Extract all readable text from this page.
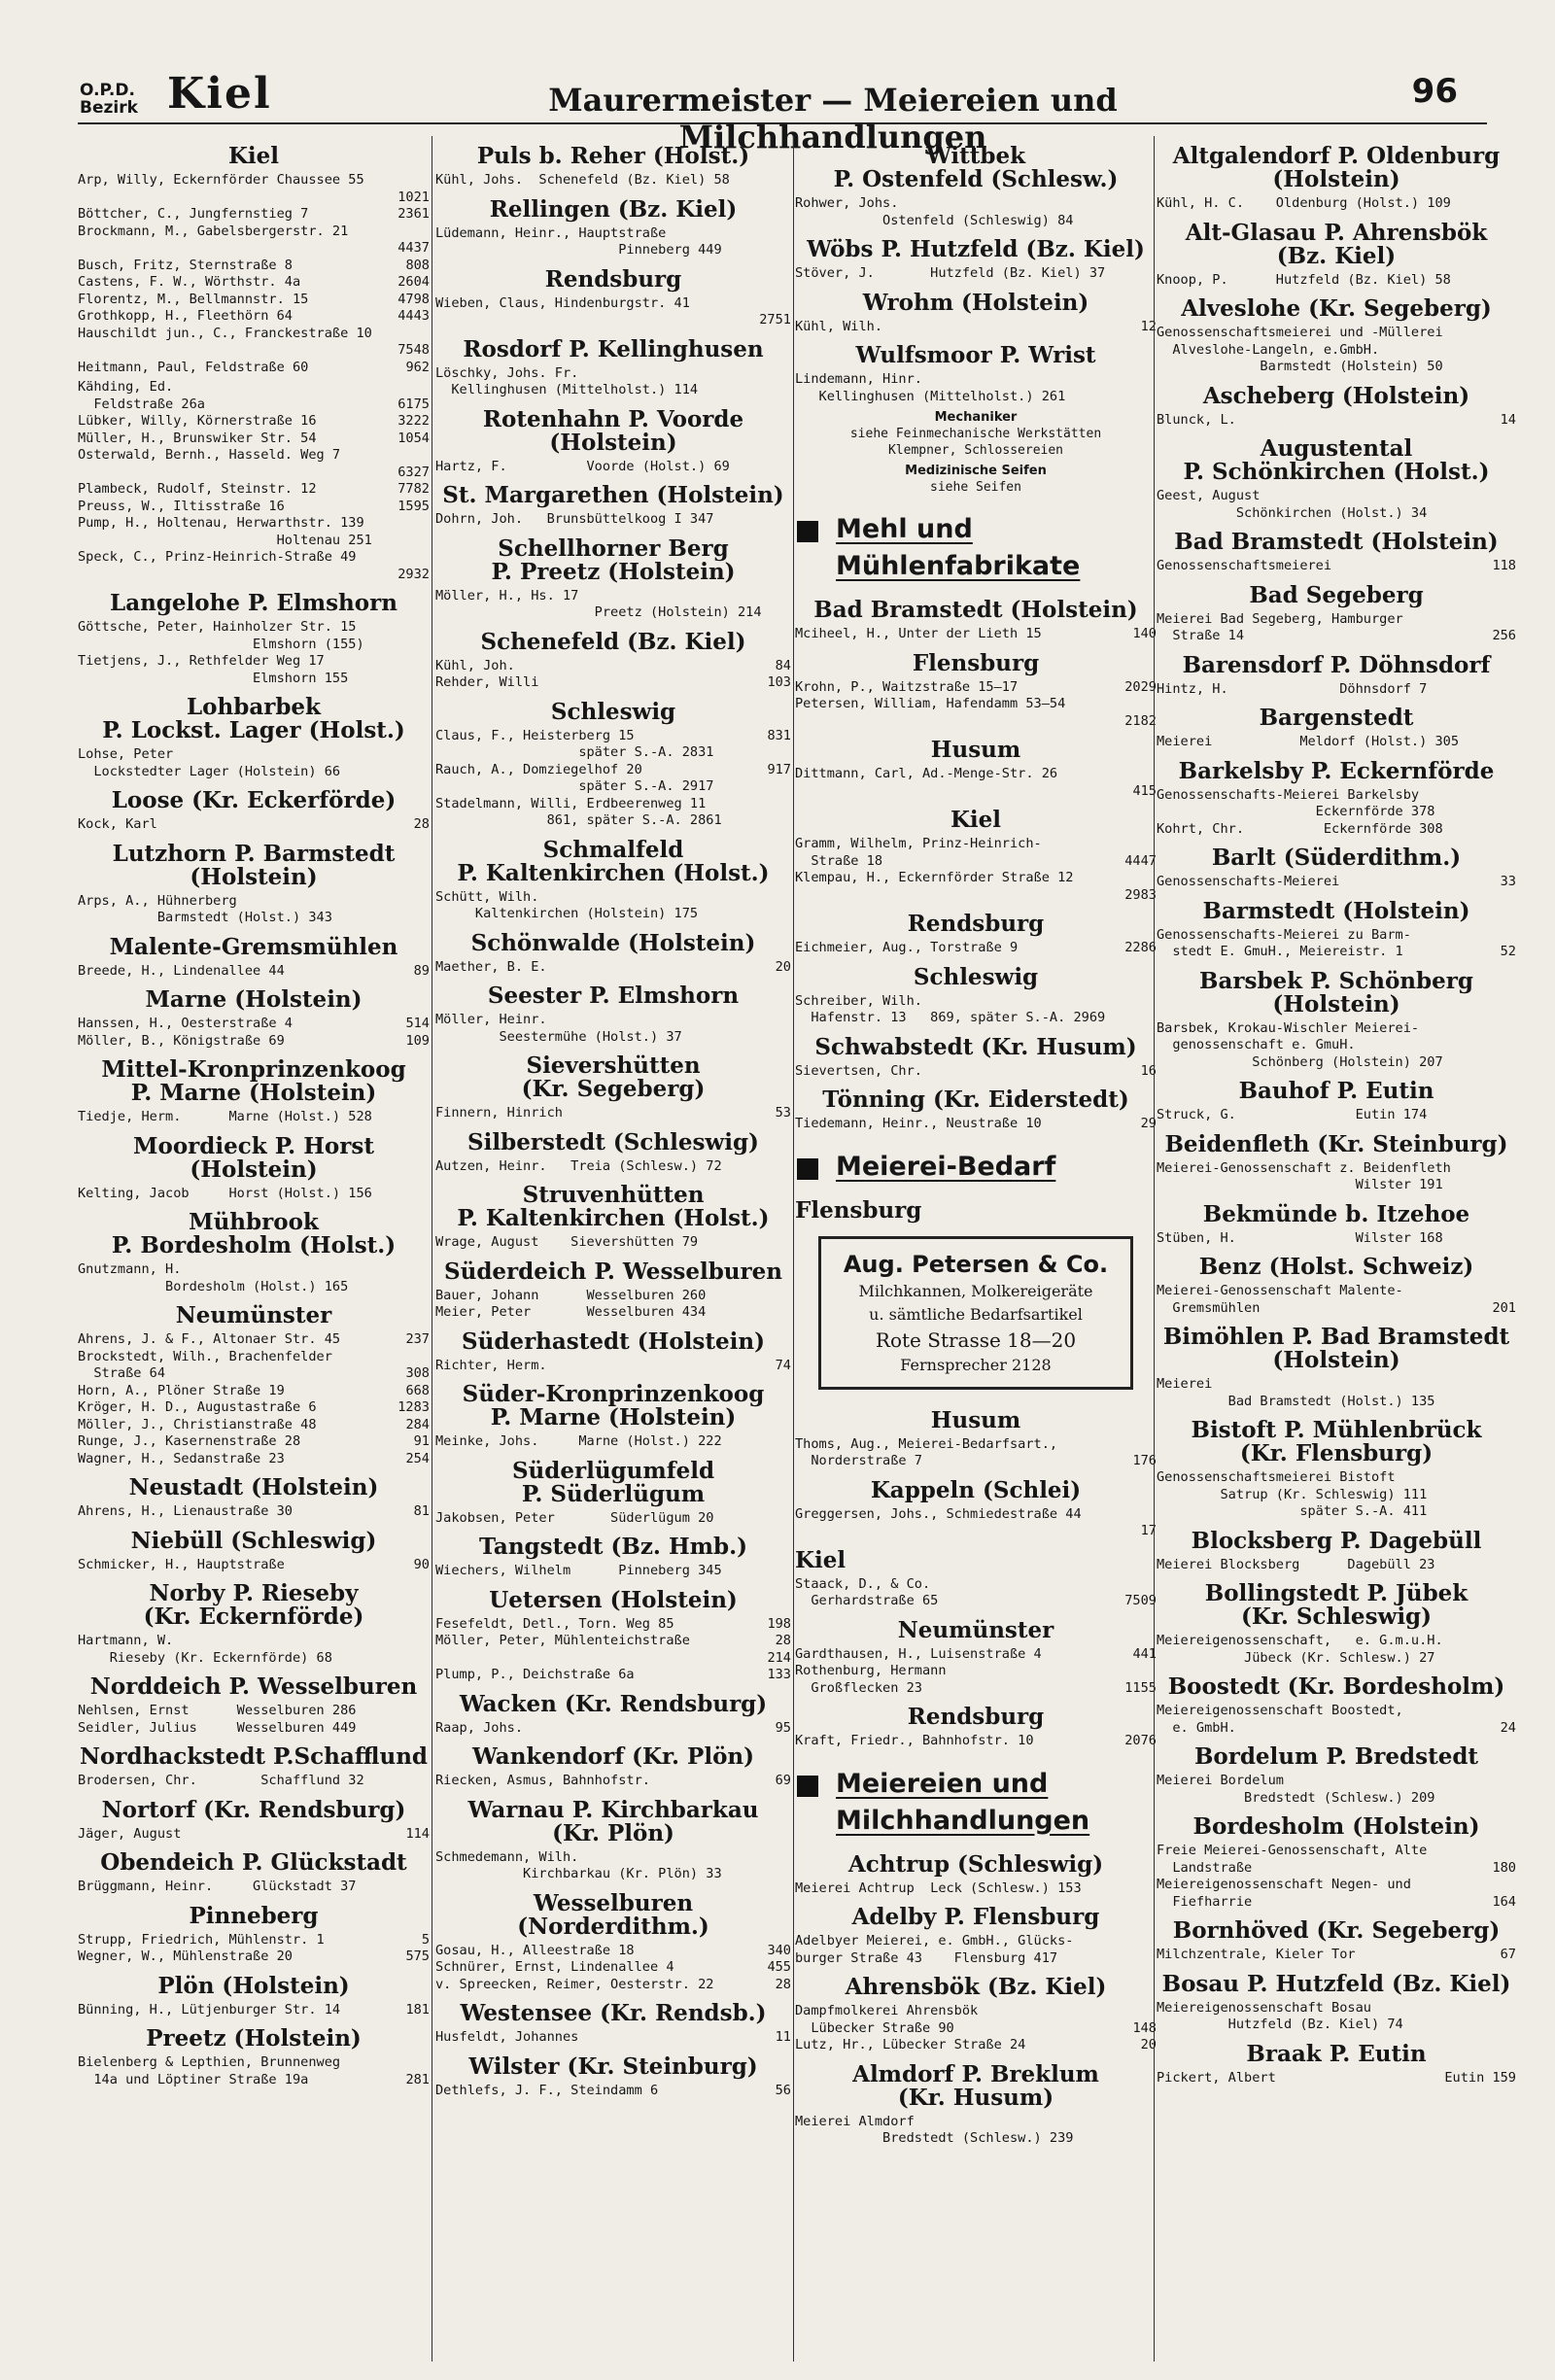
O.P.D.
Bezirk Kiel	Maurermeister — Meiereien und Milchhandlungen
96
Kiel
Arp, Willy, Eckernförder Chaussee 55
1021
Böttcher, C., Jungfernstieg 7	2361
Brockmann, M., Gabelsbergerstr. 21
4437
Busch, Fritz, Sternstraße 8	808
Castens, F. W., Wörthstr. 4a	2604
Florentz, M., Bellmannstr. 15	4798
Grothkopp, H., Fleethörn 64	4443
Hauschildt jun., C., Franckestraße 10
7548
Heitmann, Paul, Feldstraße 60	962
Kähding, Ed.
Feldstraße 26a	6175
Lübker, Willy, Körnerstraße 16	3222
Müller, H., Brunswiker Str. 54	1054
Osterwald, Bernh., Hasseld. Weg 7
6327
Plambeck, Rudolf, Steinstr. 12	7782
Preuss, W., Iltisstraße 16	1595
Pump, H., Holtenau, Herwarthstr. 139
Holtenau 251
Speck, C., Prinz-Heinrich-Straße 49
2932
Langelohe P. Elmshorn
Göttsche, Peter, Hainholzer Str. 15
Elmshorn (155)
Tietjens, J., Rethfelder Weg 17
Elmshorn 155
Lohbarbek
P. Lockst. Lager (Holst.)
Lohse, Peter
Lockstedter Lager (Holstein) 66
Loose (Kr. Eckerförde)
Kock, Karl	28
Lutzhorn P. Barmstedt
(Holstein)
Arps, A., Hühnerberg
Barmstedt (Holst.) 343
Malente-Gremsmühlen
Breede, H., Lindenallee 44	89
Marne (Holstein)
Hanssen, H., Oesterstraße 4	514
Möller, B., Königstraße 69	109
Mittel-Kronprinzenkoog
P. Marne (Holstein)
Tiedje, Herm.      Marne (Holst.) 528
Moordieck P. Horst
(Holstein)
Kelting, Jacob     Horst (Holst.) 156
Mühbrook
P. Bordesholm (Holst.)
Gnutzmann, H.
Bordesholm (Holst.) 165
Neumünster
Ahrens, J. & F., Altonaer Str. 45	237
Brockstedt, Wilh., Brachenfelder
Straße 64	308
Horn, A., Plöner Straße 19	668
Kröger, H. D., Augustastraße 6	1283
Möller, J., Christianstraße 48	284
Runge, J., Kasernenstraße 28	91
Wagner, H., Sedanstraße 23	254
Neustadt (Holstein)
Ahrens, H., Lienaustraße 30	81
Niebüll (Schleswig)
Schmicker, H., Hauptstraße	90
Norby P. Rieseby
(Kr. Eckernförde)
Hartmann, W.
Rieseby (Kr. Eckernförde) 68
Norddeich P. Wesselburen
Nehlsen, Ernst      Wesselburen 286
Seidler, Julius     Wesselburen 449
Nordhackstedt P.Schafflund
Brodersen, Chr.        Schafflund 32
Nortorf (Kr. Rendsburg)
Jäger, August	114
Obendeich P. Glückstadt
Brüggmann, Heinr.     Glückstadt 37
Pinneberg
Strupp, Friedrich, Mühlenstr. 1	5
Wegner, W., Mühlenstraße 20	575
Plön (Holstein)
Bünning, H., Lütjenburger Str. 14	181
Preetz (Holstein)
Bielenberg & Lepthien, Brunnenweg
14a und Löptiner Straße 19a	281
Puls b. Reher (Holst.)
Kühl, Johs.  Schenefeld (Bz. Kiel) 58
Rellingen (Bz. Kiel)
Lüdemann, Heinr., Hauptstraße
Pinneberg 449
Rendsburg
Wieben, Claus, Hindenburgstr. 41
2751
Rosdorf P. Kellinghusen
Löschky, Johs. Fr.
Kellinghusen (Mittelholst.) 114
Rotenhahn P. Voorde
(Holstein)
Hartz, F.          Voorde (Holst.) 69
St. Margarethen (Holstein)
Dohrn, Joh.   Brunsbüttelkoog I 347
Schellhorner Berg
P. Preetz (Holstein)
Möller, H., Hs. 17
Preetz (Holstein) 214
Schenefeld (Bz. Kiel)
Kühl, Joh.	84
Rehder, Willi	103
Schleswig
Claus, F., Heisterberg 15	831
später S.-A. 2831
Rauch, A., Domziegelhof 20	917
später S.-A. 2917
Stadelmann, Willi, Erdbeerenweg 11
861, später S.-A. 2861
Schmalfeld
P. Kaltenkirchen (Holst.)
Schütt, Wilh.
Kaltenkirchen (Holstein) 175
Schönwalde (Holstein)
Maether, B. E.	20
Seester P. Elmshorn
Möller, Heinr.
Seestermühe (Holst.) 37
Sievershütten
(Kr. Segeberg)
Finnern, Hinrich	53
Silberstedt (Schleswig)
Autzen, Heinr.   Treia (Schlesw.) 72
Struvenhütten
P. Kaltenkirchen (Holst.)
Wrage, August    Sievershütten 79
Süderdeich P. Wesselburen
Bauer, Johann      Wesselburen 260
Meier, Peter       Wesselburen 434
Süderhastedt (Holstein)
Richter, Herm.	74
Süder-Kronprinzenkoog
P. Marne (Holstein)
Meinke, Johs.     Marne (Holst.) 222
Süderlügumfeld
P. Süderlügum
Jakobsen, Peter       Süderlügum 20
Tangstedt (Bz. Hmb.)
Wiechers, Wilhelm      Pinneberg 345
Uetersen (Holstein)
Fesefeldt, Detl., Torn. Weg 85	198
Möller, Peter, Mühlenteichstraße	28
214
Plump, P., Deichstraße 6a	133
Wacken (Kr. Rendsburg)
Raap, Johs.	95
Wankendorf (Kr. Plön)
Riecken, Asmus, Bahnhofstr.	69
Warnau P. Kirchbarkau
(Kr. Plön)
Schmedemann, Wilh.
Kirchbarkau (Kr. Plön) 33
Wesselburen
(Norderdithm.)
Gosau, H., Alleestraße 18	340
Schnürer, Ernst, Lindenallee 4	455
v. Spreecken, Reimer, Oesterstr. 22	28
Westensee (Kr. Rendsb.)
Husfeldt, Johannes	11
Wilster (Kr. Steinburg)
Dethlefs, J. F., Steindamm 6	56
Wittbek
P. Ostenfeld (Schlesw.)
Rohwer, Johs.
Ostenfeld (Schleswig) 84
Wöbs P. Hutzfeld (Bz. Kiel)
Stöver, J.       Hutzfeld (Bz. Kiel) 37
Wrohm (Holstein)
Kühl, Wilh.	12
Wulfsmoor P. Wrist
Lindemann, Hinr.
Kellinghusen (Mittelholst.) 261
Mechaniker
siehe Feinmechanische Werkstätten
Klempner, Schlossereien
Medizinische Seifen
siehe Seifen
Mehl und
Mühlenfabrikate
Bad Bramstedt (Holstein)
Mciheel, H., Unter der Lieth 15	140
Flensburg
Krohn, P., Waitzstraße 15—17	2029
Petersen, William, Hafendamm 53—54
2182
Husum
Dittmann, Carl, Ad.-Menge-Str. 26
415
Kiel
Gramm, Wilhelm, Prinz-Heinrich-
Straße 18	4447
Klempau, H., Eckernförder Straße 12
2983
Rendsburg
Eichmeier, Aug., Torstraße 9	2286
Schleswig
Schreiber, Wilh.
Hafenstr. 13   869, später S.-A. 2969
Schwabstedt (Kr. Husum)
Sievertsen, Chr.	16
Tönning (Kr. Eiderstedt)
Tiedemann, Heinr., Neustraße 10	29
Meierei-Bedarf
Flensburg
Aug. Petersen & Co.
Milchkannen, Molkereigeräte
u. sämtliche Bedarfsartikel
Rote Strasse 18—20
Fernsprecher 2128
Husum
Thoms, Aug., Meierei-Bedarfsart.,
Norderstraße 7	176
Kappeln (Schlei)
Greggersen, Johs., Schmiedestraße 44
17
Kiel
Staack, D., & Co.
Gerhardstraße 65	7509
Neumünster
Gardthausen, H., Luisenstraße 4	441
Rothenburg, Hermann
Großflecken 23	1155
Rendsburg
Kraft, Friedr., Bahnhofstr. 10	2076
Meiereien und
Milchhandlungen
Achtrup (Schleswig)
Meierei Achtrup  Leck (Schlesw.) 153
Adelby P. Flensburg
Adelbyer Meierei, e. GmbH., Glücks-
burger Straße 43    Flensburg 417
Ahrensbök (Bz. Kiel)
Dampfmolkerei Ahrensbök
Lübecker Straße 90	148
Lutz, Hr., Lübecker Straße 24	20
Almdorf P. Breklum
(Kr. Husum)
Meierei Almdorf
Bredstedt (Schlesw.) 239
Altgalendorf P. Oldenburg
(Holstein)
Kühl, H. C.    Oldenburg (Holst.) 109
Alt-Glasau P. Ahrensbök
(Bz. Kiel)
Knoop, P.      Hutzfeld (Bz. Kiel) 58
Alveslohe (Kr. Segeberg)
Genossenschaftsmeierei und -Müllerei
Alveslohe-Langeln, e.GmbH.
Barmstedt (Holstein) 50
Ascheberg (Holstein)
Blunck, L.	14
Augustental
P. Schönkirchen (Holst.)
Geest, August
Schönkirchen (Holst.) 34
Bad Bramstedt (Holstein)
Genossenschaftsmeierei	118
Bad Segeberg
Meierei Bad Segeberg, Hamburger
Straße 14	256
Barensdorf P. Döhnsdorf
Hintz, H.              Döhnsdorf 7
Bargenstedt
Meierei           Meldorf (Holst.) 305
Barkelsby P. Eckernförde
Genossenschafts-Meierei Barkelsby
Eckernförde 378
Kohrt, Chr.          Eckernförde 308
Barlt (Süderdithm.)
Genossenschafts-Meierei	33
Barmstedt (Holstein)
Genossenschafts-Meierei zu Barm-
stedt E. GmuH., Meiereistr. 1	52
Barsbek P. Schönberg
(Holstein)
Barsbek, Krokau-Wischler Meierei-
genossenschaft e. GmuH.
Schönberg (Holstein) 207
Bauhof P. Eutin
Struck, G.               Eutin 174
Beidenfleth (Kr. Steinburg)
Meierei-Genossenschaft z. Beidenfleth
Wilster 191
Bekmünde b. Itzehoe
Stüben, H.               Wilster 168
Benz (Holst. Schweiz)
Meierei-Genossenschaft Malente-
Gremsmühlen	201
Bimöhlen P. Bad Bramstedt
(Holstein)
Meierei
Bad Bramstedt (Holst.) 135
Bistoft P. Mühlenbrück
(Kr. Flensburg)
Genossenschaftsmeierei Bistoft
Satrup (Kr. Schleswig) 111
später S.-A. 411
Blocksberg P. Dagebüll
Meierei Blocksberg      Dagebüll 23
Bollingstedt P. Jübek
(Kr. Schleswig)
Meiereigenossenschaft,   e. G.m.u.H.
Jübeck (Kr. Schlesw.) 27
Boostedt (Kr. Bordesholm)
Meiereigenossenschaft Boostedt,
e. GmbH.	24
Bordelum P. Bredstedt
Meierei Bordelum
Bredstedt (Schlesw.) 209
Bordesholm (Holstein)
Freie Meierei-Genossenschaft, Alte
Landstraße	180
Meiereigenossenschaft Negen- und
Fiefharrie	164
Bornhöved (Kr. Segeberg)
Milchzentrale, Kieler Tor	67
Bosau P. Hutzfeld (Bz. Kiel)
Meiereigenossenschaft Bosau
Hutzfeld (Bz. Kiel) 74
Braak P. Eutin
Pickert, Albert	Eutin 159
